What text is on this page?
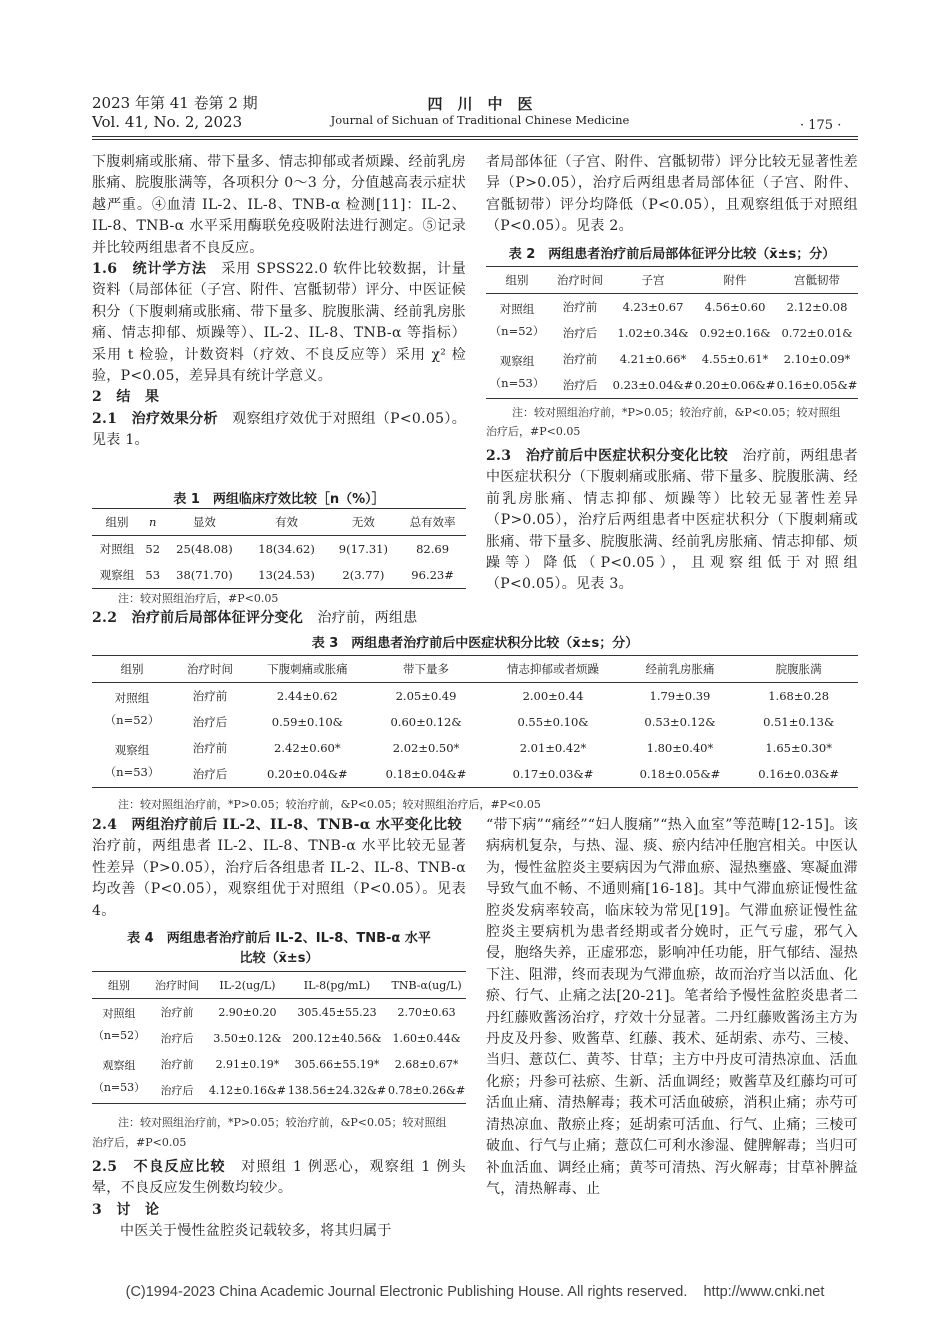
2023 年第 41 卷第 2 期
Vol. 41, No. 2, 2023
四　川　中　医
Journal of Sichuan of Traditional Chinese Medicine	· 175 ·

下腹刺痛或胀痛、带下量多、情志抑郁或者烦躁、经前乳房胀痛、脘腹胀满等，各项积分 0～3 分，分值越高表示症状越严重。④血清 IL-2、IL-8、TNB-α 检测[11]：IL-2、IL-8、TNB-α 水平采用酶联免疫吸附法进行测定。⑤记录并比较两组患者不良反应。

1.6　统计学方法　采用 SPSS22.0 软件比较数据，计量资料（局部体征（子宫、附件、宫骶韧带）评分、中医证候积分（下腹刺痛或胀痛、带下量多、脘腹胀满、经前乳房胀痛、情志抑郁、烦躁等）、IL-2、IL-8、TNB-α 等指标）采用 t 检验，计数资料（疗效、不良反应等）采用 χ² 检验，P<0.05，差异具有统计学意义。

2　结　果

2.1　治疗效果分析　观察组疗效优于对照组（P<0.05）。见表 1。

表 1　两组临床疗效比较［n（%）］
组别	n	显效	有效	无效	总有效率
对照组	52	25(48.08)	18(34.62)	9(17.31)	82.69
观察组	53	38(71.70)	13(24.53)	2(3.77)	96.23#
注：较对照组治疗后，#P<0.05

2.2　治疗前后局部体征评分变化　治疗前，两组患

者局部体征（子宫、附件、宫骶韧带）评分比较无显著性差异（P>0.05），治疗后两组患者局部体征（子宫、附件、宫骶韧带）评分均降低（P<0.05），且观察组低于对照组（P<0.05）。见表 2。

表 2　两组患者治疗前后局部体征评分比较（x̄±s；分）
组别	治疗时间	子宫	附件	宫骶韧带

对照组
（n=52）	治疗前	4.23±0.67	4.56±0.60	2.12±0.08
	治疗后	1.02±0.34&	0.92±0.16&	0.72±0.01&

观察组
（n=53）	治疗前	4.21±0.66*	4.55±0.61*	2.10±0.09*
	治疗后	0.23±0.04&#	0.20±0.06&#	0.16±0.05&#
注：较对照组治疗前，*P>0.05；较治疗前，&P<0.05；较对照组
治疗后，#P<0.05

2.3　治疗前后中医症状积分变化比较　治疗前，两组患者中医症状积分（下腹刺痛或胀痛、带下量多、脘腹胀满、经前乳房胀痛、情志抑郁、烦躁等）比较无显著性差异（P>0.05），治疗后两组患者中医症状积分（下腹刺痛或胀痛、带下量多、脘腹胀满、经前乳房胀痛、情志抑郁、烦躁等）降低（P<0.05），且观察组低于对照组（P<0.05）。见表 3。

表 3　两组患者治疗前后中医症状积分比较（x̄±s；分）
组别	治疗时间	下腹刺痛或胀痛	带下量多	情志抑郁或者烦躁	经前乳房胀痛	脘腹胀满

对照组
（n=52）	治疗前	2.44±0.62	2.05±0.49	2.00±0.44	1.79±0.39	1.68±0.28
	治疗后	0.59±0.10&	0.60±0.12&	0.55±0.10&	0.53±0.12&	0.51±0.13&

观察组
（n=53）	治疗前	2.42±0.60*	2.02±0.50*	2.01±0.42*	1.80±0.40*	1.65±0.30*
	治疗后	0.20±0.04&#	0.18±0.04&#	0.17±0.03&#	0.18±0.05&#	0.16±0.03&#
注：较对照组治疗前，*P>0.05；较治疗前，&P<0.05；较对照组治疗后，#P<0.05

2.4　两组治疗前后 IL-2、IL-8、TNB-α 水平变化比较　治疗前，两组患者 IL-2、IL-8、TNB-α 水平比较无显著性差异（P>0.05），治疗后各组患者 IL-2、IL-8、TNB-α 均改善（P<0.05），观察组优于对照组（P<0.05）。见表 4。

表 4　两组患者治疗前后 IL-2、IL-8、TNB-α 水平
比较（x̄±s）
组别	治疗时间	IL-2(ug/L)	IL-8(pg/mL)	TNB-α(ug/L)

对照组
（n=52）	治疗前	2.90±0.20	305.45±55.23	2.70±0.63
	治疗后	3.50±0.12&	200.12±40.56&	1.60±0.44&

观察组
（n=53）	治疗前	2.91±0.19*	305.66±55.19*	2.68±0.67*
	治疗后	4.12±0.16&#	138.56±24.32&#	0.78±0.26&#
注：较对照组治疗前，*P>0.05；较治疗前，&P<0.05；较对照组
治疗后，#P<0.05

2.5　不良反应比较　对照组 1 例恶心，观察组 1 例头晕，不良反应发生例数均较少。

3　讨　论

中医关于慢性盆腔炎记载较多，将其归属于

“带下病”“痛经”“妇人腹痛”“热入血室”等范畴[12-15]。该病病机复杂，与热、湿、痰、瘀内结冲任胞宫相关。中医认为，慢性盆腔炎主要病因为气滞血瘀、湿热壅盛、寒凝血滞导致气血不畅、不通则痛[16-18]。其中气滞血瘀证慢性盆腔炎发病率较高，临床较为常见[19]。气滞血瘀证慢性盆腔炎主要病机为患者经期或者分娩时，正气亏虚，邪气入侵，胞络失养，正虚邪恋，影响冲任功能，肝气郁结、湿热下注、阻滞，终而表现为气滞血瘀，故而治疗当以活血、化瘀、行气、止痛之法[20-21]。笔者给予慢性盆腔炎患者二丹红藤败酱汤治疗，疗效十分显著。二丹红藤败酱汤主方为丹皮及丹参、败酱草、红藤、莪术、延胡索、赤芍、三棱、当归、薏苡仁、黄芩、甘草；主方中丹皮可清热凉血、活血化瘀；丹参可祛瘀、生新、活血调经；败酱草及红藤均可可活血止痛、清热解毒；莪术可活血破瘀，消积止痛；赤芍可清热凉血、散瘀止疼；延胡索可活血、行气、止痛；三棱可破血、行气与止痛；薏苡仁可利水渗湿、健脾解毒；当归可补血活血、调经止痛；黄芩可清热、泻火解毒；甘草补脾益气，清热解毒、止

(C)1994-2023 China Academic Journal Electronic Publishing House. All rights reserved.    http://www.cnki.net
